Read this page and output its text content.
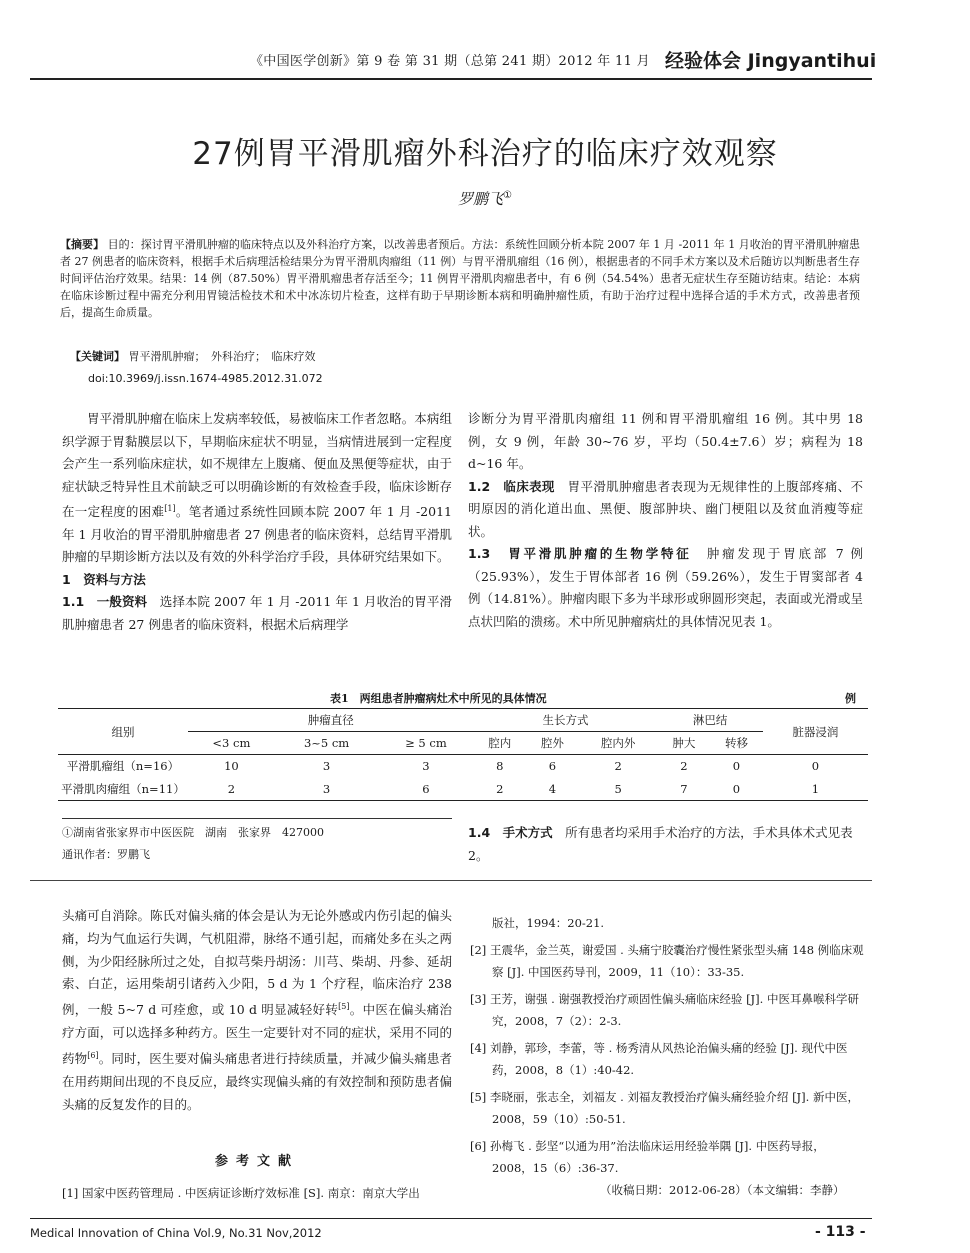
《中国医学创新》第 9 卷 第 31 期（总第 241 期）2012 年 11 月 经验体会 Jingyantihui
27例胃平滑肌瘤外科治疗的临床疗效观察
罗鹏飞①
【摘要】 目的：探讨胃平滑肌肿瘤的临床特点以及外科治疗方案，以改善患者预后。方法：系统性回顾分析本院 2007 年 1 月 -2011 年 1 月收治的胃平滑肌肿瘤患者 27 例患者的临床资料，根据手术后病理活检结果分为胃平滑肌肉瘤组（11 例）与胃平滑肌瘤组（16 例），根据患者的不同手术方案以及术后随访以判断患者生存时间评估治疗效果。结果：14 例（87.50%）胃平滑肌瘤患者存活至今；11 例胃平滑肌肉瘤患者中，有 6 例（54.54%）患者无症状生存至随访结束。结论：本病在临床诊断过程中需充分利用胃镜活检技术和术中冰冻切片检查，这样有助于早期诊断本病和明确肿瘤性质，有助于治疗过程中选择合适的手术方式，改善患者预后，提高生命质量。
【关键词】 胃平滑肌肿瘤；　外科治疗；　临床疗效
doi:10.3969/j.issn.1674-4985.2012.31.072

胃平滑肌肿瘤在临床上发病率较低，易被临床工作者忽略。本病组织学源于胃黏膜层以下，早期临床症状不明显，当病情进展到一定程度会产生一系列临床症状，如不规律左上腹痛、便血及黑便等症状，由于症状缺乏特异性且术前缺乏可以明确诊断的有效检查手段，临床诊断存在一定程度的困难[1]。笔者通过系统性回顾本院 2007 年 1 月 -2011 年 1 月收治的胃平滑肌肿瘤患者 27 例患者的临床资料，总结胃平滑肌肿瘤的早期诊断方法以及有效的外科学治疗手段，具体研究结果如下。

1　资料与方法

1.1　一般资料　 选择本院 2007 年 1 月 -2011 年 1 月收治的胃平滑肌肿瘤患者 27 例患者的临床资料，根据术后病理学

诊断分为胃平滑肌肉瘤组 11 例和胃平滑肌瘤组 16 例。其中男 18 例，女 9 例，年龄 30~76 岁，平均（50.4±7.6）岁；病程为 18 d~16 年。

1.2　临床表现　 胃平滑肌肿瘤患者表现为无规律性的上腹部疼痛、不明原因的消化道出血、黑便、腹部肿块、幽门梗阻以及贫血消瘦等症状。

1.3　胃平滑肌肿瘤的生物学特征　 肿瘤发现于胃底部 7 例（25.93%），发生于胃体部者 16 例（59.26%），发生于胃窦部者 4 例（14.81%）。肿瘤肉眼下多为半球形或卵圆形突起，表面或光滑或呈点状凹陷的溃疡。术中所见肿瘤病灶的具体情况见表 1。

表1　两组患者肿瘤病灶术中所见的具体情况	例
组别	肿瘤直径			生长方式			淋巴结		脏器浸润
	<3 cm	3~5 cm	≥ 5 cm	腔内	腔外	腔内外	肿大	转移	
平滑肌瘤组（n=16）	10	3	3	8	6	2	2	0	0
平滑肌肉瘤组（n=11）	2	3	6	2	4	5	7	0	1
①湖南省张家界市中医医院　湖南　张家界　427000
通讯作者：罗鹏飞
1.4　手术方式　 所有患者均采用手术治疗的方法，手术具体术式见表 2。

头痛可自消除。陈氏对偏头痛的体会是认为无论外感或内伤引起的偏头痛，均为气血运行失调，气机阻滞，脉络不通引起，而痛处多在头之两侧，为少阳经脉所过之处，自拟芎柴丹胡汤：川芎、柴胡、丹参、延胡索、白芷，运用柴胡引诸药入少阳，5 d 为 1 个疗程，临床治疗 238 例，一般 5~7 d 可痊愈，或 10 d 明显减轻好转[5]。中医在偏头痛治疗方面，可以选择多种药方。医生一定要针对不同的症状，采用不同的药物[6]。同时，医生要对偏头痛患者进行持续质量，并减少偏头痛患者在用药期间出现的不良反应，最终实现偏头痛的有效控制和预防患者偏头痛的反复发作的目的。

参考文献
[1] 国家中医药管理局 . 中医病证诊断疗效标准 [S]. 南京：南京大学出
版社，1994：20-21.
[2] 王震华，金兰英，谢爱国 . 头痛宁胶囊治疗慢性紧张型头痛 148 例临床观察 [J]. 中国医药导刊，2009，11（10）：33-35.
[3] 王芳，谢强 . 谢强教授治疗顽固性偏头痛临床经验 [J]. 中医耳鼻喉科学研究，2008，7（2）：2-3.
[4] 刘静，郭珍，李蕾，等 . 杨秀清从风热论治偏头痛的经验 [J]. 现代中医药，2008，8（1）:40-42.
[5] 李晓丽，张志全，刘福友 . 刘福友教授治疗偏头痛经验介绍 [J]. 新中医，2008，59（10）:50-51.
[6] 孙梅飞 . 彭坚“以通为用”治法临床运用经验举隅 [J]. 中医药导报，2008，15（6）:36-37.
（收稿日期：2012-06-28）（本文编辑：李静）
Medical Innovation of China Vol.9, No.31 Nov,2012	- 113 -
